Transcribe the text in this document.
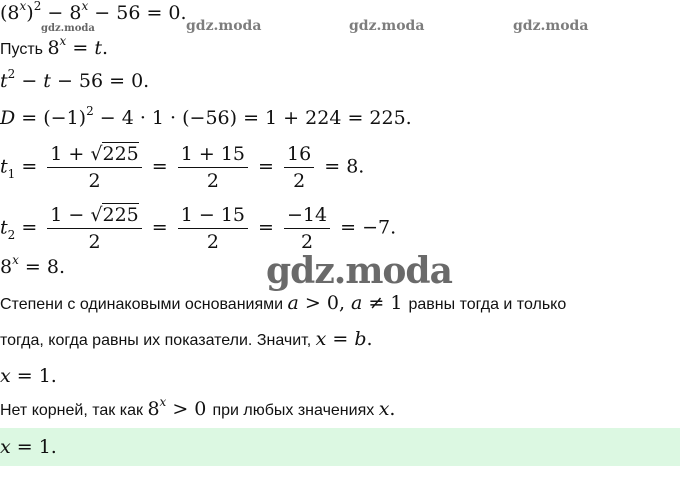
$(8^x)^2 - 8^x - 56 = 0$.
gdz.moda	gdz.moda	gdz.moda	gdz.moda
Пусть $8^x = t$.
$t^2 - t - 56 = 0$.
$D = (-1)^2 - 4 \cdot 1 \cdot (-56) = 1 + 224 = 225$.
$t_1 = \frac{1 + √225}{2} = \frac{1 + 15}{2} = \frac{16}{2} = 8$.
$t_2 = \frac{1 - √225}{2} = \frac{1 - 15}{2} = \frac{-14}{2} = -7$.
$8^x = 8$.	gdz.moda
Степени с одинаковыми основаниями a > 0, a ≠ 1 равны тогда и только
тогда, когда равны их показатели. Значит, x = b.
x = 1.
Нет корней, так как $8^x > 0$ при любых значениях x.
x = 1.
